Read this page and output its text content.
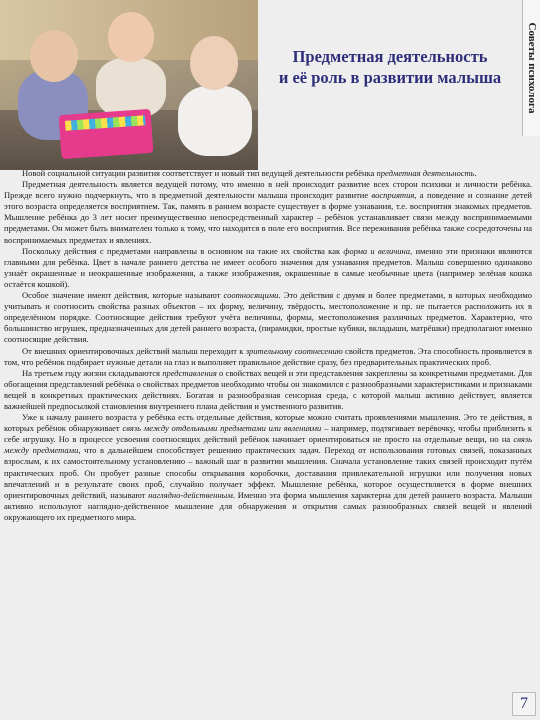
Предметная деятельность
и её роль в развитии малыша	Советы психолога

Новой социальной ситуации развития соответствует и новый тип ведущей деятельности ребёнка предметная деятельность.

Предметная деятельность является ведущей потому, что именно в ней происходит развитие всех сторон психики и личности ребёнка. Прежде всего нужно подчеркнуть, что в предметной деятельности малыша происходит развитие восприятия, а поведение и сознание детей этого возраста определяется восприятием. Так, память в раннем возрасте существует в форме узнавания, т.е. восприятия знакомых предметов. Мышление ребёнка до 3 лет носит преимущественно непосредственный характер – ребёнок устанавливает связи между воспринимаемыми предметами. Он может быть внимателен только к тому, что находится в поле его восприятия. Все переживания ребёнка также сосредоточены на воспринимаемых предметах и явлениях.

Поскольку действия с предметами направлены в основном на такие их свойства как форма и величина, именно эти признаки являются главными для ребёнка. Цвет в начале раннего детства не имеет особого значения для узнавания предметов. Малыш совершенно одинаково узнаёт окрашенные и неокрашенные изображения, а также изображения, окрашенные в самые необычные цвета (например зелёная кошка остаётся кошкой).

Особое значение имеют действия, которые называют соотносящими. Это действия с двумя и более предметами, в которых необходимо учитывать и соотносить свойства разных объектов – их форму, величину, твёрдость, местоположение и пр. не пытается расположить их в определённом порядке. Соотносящие действия требуют учёта величины, формы, местоположения различных предметов. Характерно, что большинство игрушек, предназначенных для детей раннего возраста, (пирамидки, простые кубики, вкладыши, матрёшки) предполагают именно соотносящие действия.

От внешних ориентировочных действий малыш переходит к зрительному соотнесению свойств предметов. Эта способность проявляется в том, что ребёнок подбирает нужные детали на глаз и выполняет правильное действие сразу, без предварительных практических проб.

На третьем году жизни складываются представления о свойствах вещей и эти представления закреплены за конкретными предметами. Для обогащения представлений ребёнка о свойствах предметов необходимо чтобы он знакомился с разнообразными характеристиками и признаками вещей в конкретных практических действиях. Богатая и разнообразная сенсорная среда, с которой малыш активно действует, является важнейшей предпосылкой становления внутреннего плана действия и умственного развития.

Уже к началу раннего возраста у ребёнка есть отдельные действия, которые можно считать проявлениями мышления. Это те действия, в которых ребёнок обнаруживает связь между отдельными предметами или явлениями – например, подтягивает верёвочку, чтобы приблизить к себе игрушку. Но в процессе усвоения соотносящих действий ребёнок начинает ориентироваться не просто на отдельные вещи, но на связь между предметами, что в дальнейшем способствует решению практических задач. Переход от использования готовых связей, показанных взрослым, к их самостоятельному установлению – важный шаг в развитии мышления. Сначала установление таких связей происходит путём практических проб. Он пробует разные способы открывания коробочки, доставания привлекательной игрушки или получения новых впечатлений и в результате своих проб, случайно получает эффект. Мышление ребёнка, которое осуществляется в форме внешних ориентировочных действий, называют наглядно-действенным. Именно эта форма мышления характерна для детей раннего возраста. Малыши активно используют наглядно-действенное мышление для обнаружения и открытия самых разнообразных связей вещей и явлений окружающего их предметного мира.

7
